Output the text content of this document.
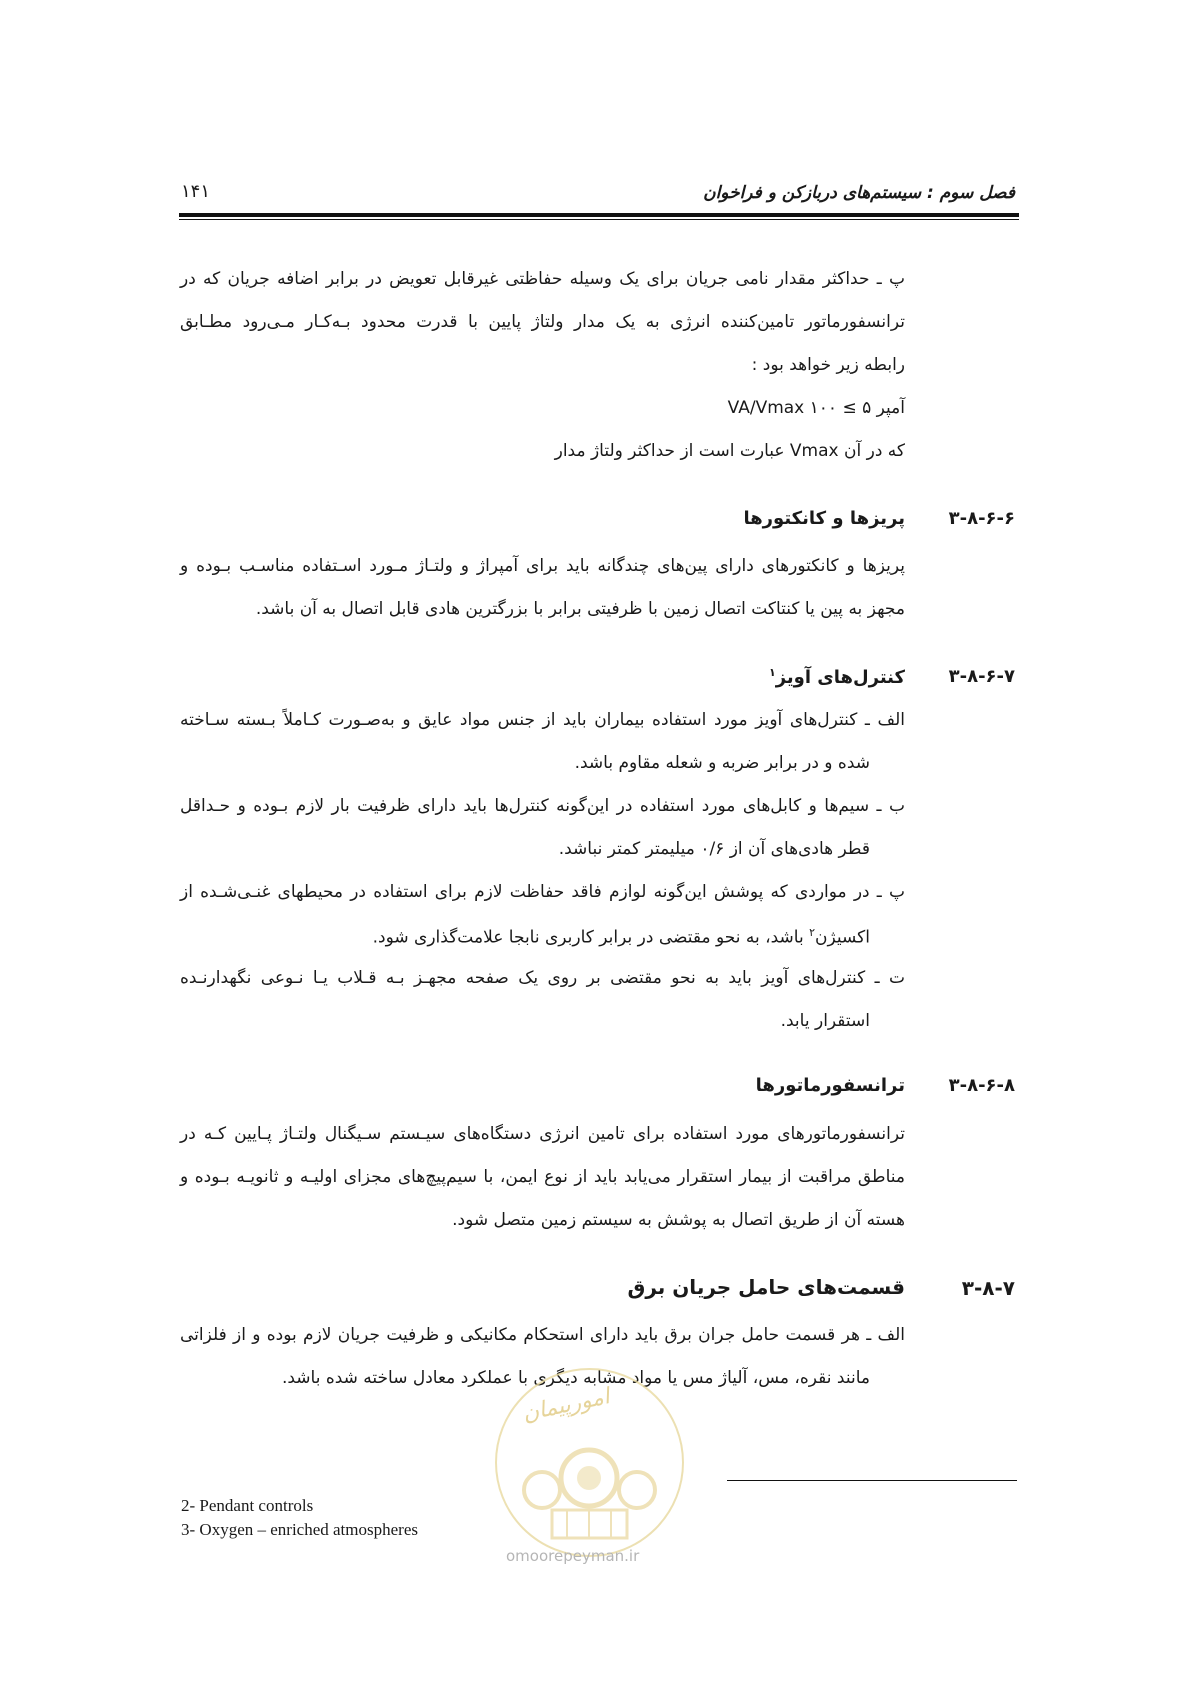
فصل سوم : سیستم‌های دربازکن و فراخوان
۱۴۱
پ ـ حداکثر مقدار نامی جریان برای یک وسیله حفاظتی غیرقابل تعویض در برابر اضافه جریان که در
ترانسفورماتور تامین‌کننده انرژی به یک مدار ولتاژ پایین با قدرت محدود بـه‌کـار مـی‌رود مطـابق
رابطه زیر خواهد بود :
آمپر ۵ ≥ VA/Vmax ۱۰۰
که در آن Vmax عبارت است از حداکثر ولتاژ مدار
۳-۸-۶-۶
پریزها و کانکتورها
پریزها و کانکتورهای دارای پین‌های چندگانه باید برای آمپراژ و ولتـاژ مـورد اسـتفاده مناسـب بـوده و
مجهز به پین یا کنتاکت اتصال زمین با ظرفیتی برابر با بزرگترین هادی قابل اتصال به آن باشد.
۳-۸-۶-۷
کنترل‌های آویز$^۱$
الف ـ کنترل‌های آویز مورد استفاده بیماران باید از جنس مواد عایق و به‌صـورت کـاملاً بـسته سـاخته
شده و در برابر ضربه و شعله مقاوم باشد.
ب ـ سیم‌ها و کابل‌های مورد استفاده در این‌گونه کنترل‌ها باید دارای ظرفیت بار لازم بـوده و حـداقل
قطر هادی‌های آن از ۰/۶ میلیمتر کمتر نباشد.
پ ـ در مواردی که پوشش این‌گونه لوازم فاقد حفاظت لازم برای استفاده در محیطهای غنـی‌شـده از
اکسیژن$^۲$ باشد، به نحو مقتضی در برابر کاربری نابجا علامت‌گذاری شود.
ت ـ کنترل‌های آویز باید به نحو مقتضی بر روی یک صفحه مجهـز بـه قـلاب یـا نـوعی نگهدارنـده
استقرار یابد.
۳-۸-۶-۸
ترانسفورماتورها
ترانسفورماتورهای مورد استفاده برای تامین انرژی دستگاه‌های سیـستم سـیگنال ولتـاژ پـایین کـه در
مناطق مراقبت از بیمار استقرار می‌یابد باید از نوع ایمن، با سیم‌پیچ‌های مجزای اولیـه و ثانویـه بـوده و
هسته آن از طریق اتصال به پوشش به سیستم زمین متصل شود.
۳-۸-۷
قسمت‌های حامل جریان برق
الف ـ هر قسمت حامل جران برق باید دارای استحکام مکانیکی و ظرفیت جریان لازم بوده و از فلزاتی
مانند نقره، مس، آلیاژ مس یا مواد مشابه دیگری با عملکرد معادل ساخته شده باشد.
امورپیمان
omoorepeyman.ir
2- Pendant controls
3- Oxygen – enriched atmospheres
